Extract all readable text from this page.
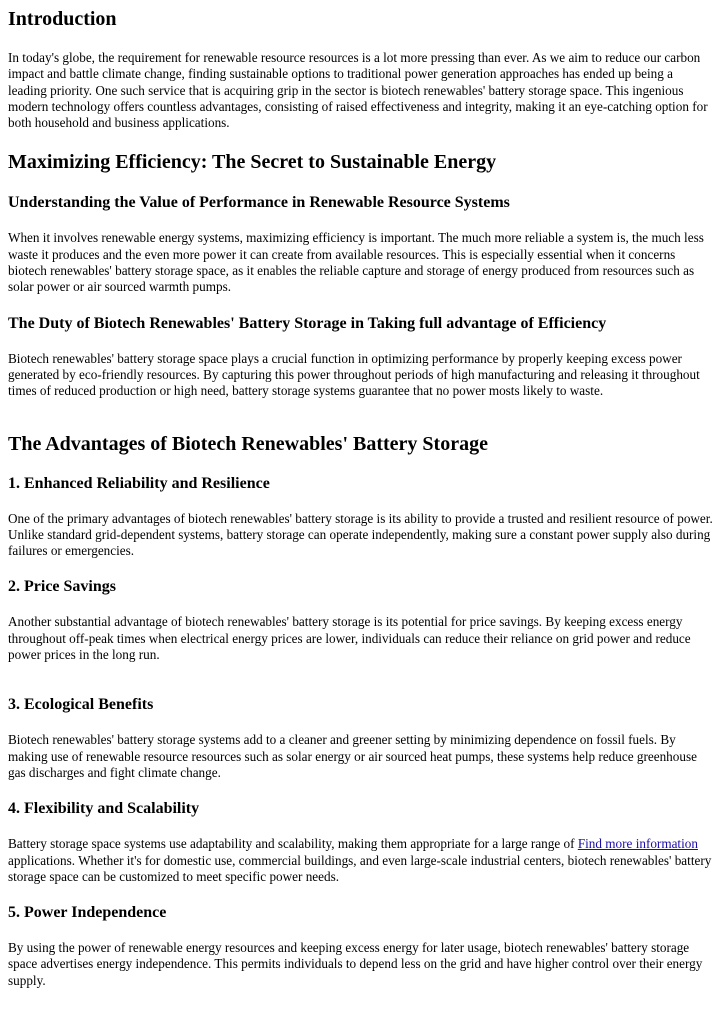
Introduction

In today's globe, the requirement for renewable resource resources is a lot more pressing than ever. As we aim to reduce our carbon impact and battle climate change, finding sustainable options to traditional power generation approaches has ended up being a leading priority. One such service that is acquiring grip in the sector is biotech renewables' battery storage space. This ingenious modern technology offers countless advantages, consisting of raised effectiveness and integrity, making it an eye-catching option for both household and business applications.

Maximizing Efficiency: The Secret to Sustainable Energy
Understanding the Value of Performance in Renewable Resource Systems

When it involves renewable energy systems, maximizing efficiency is important. The much more reliable a system is, the much less waste it produces and the even more power it can create from available resources. This is especially essential when it concerns biotech renewables' battery storage space, as it enables the reliable capture and storage of energy produced from resources such as solar power or air sourced warmth pumps.

The Duty of Biotech Renewables' Battery Storage in Taking full advantage of Efficiency

Biotech renewables' battery storage space plays a crucial function in optimizing performance by properly keeping excess power generated by eco-friendly resources. By capturing this power throughout periods of high manufacturing and releasing it throughout times of reduced production or high need, battery storage systems guarantee that no power mosts likely to waste.

The Advantages of Biotech Renewables' Battery Storage
1. Enhanced Reliability and Resilience

One of the primary advantages of biotech renewables' battery storage is its ability to provide a trusted and resilient resource of power. Unlike standard grid-dependent systems, battery storage can operate independently, making sure a constant power supply also during failures or emergencies.

2. Price Savings

Another substantial advantage of biotech renewables' battery storage is its potential for price savings. By keeping excess energy throughout off-peak times when electrical energy prices are lower, individuals can reduce their reliance on grid power and reduce power prices in the long run.

3. Ecological Benefits

Biotech renewables' battery storage systems add to a cleaner and greener setting by minimizing dependence on fossil fuels. By making use of renewable resource resources such as solar energy or air sourced heat pumps, these systems help reduce greenhouse gas discharges and fight climate change.

4. Flexibility and Scalability

Battery storage space systems use adaptability and scalability, making them appropriate for a large range of Find more information applications. Whether it's for domestic use, commercial buildings, and even large-scale industrial centers, biotech renewables' battery storage space can be customized to meet specific power needs.

5. Power Independence

By using the power of renewable energy resources and keeping excess energy for later usage, biotech renewables' battery storage space advertises energy independence. This permits individuals to depend less on the grid and have higher control over their energy supply.
